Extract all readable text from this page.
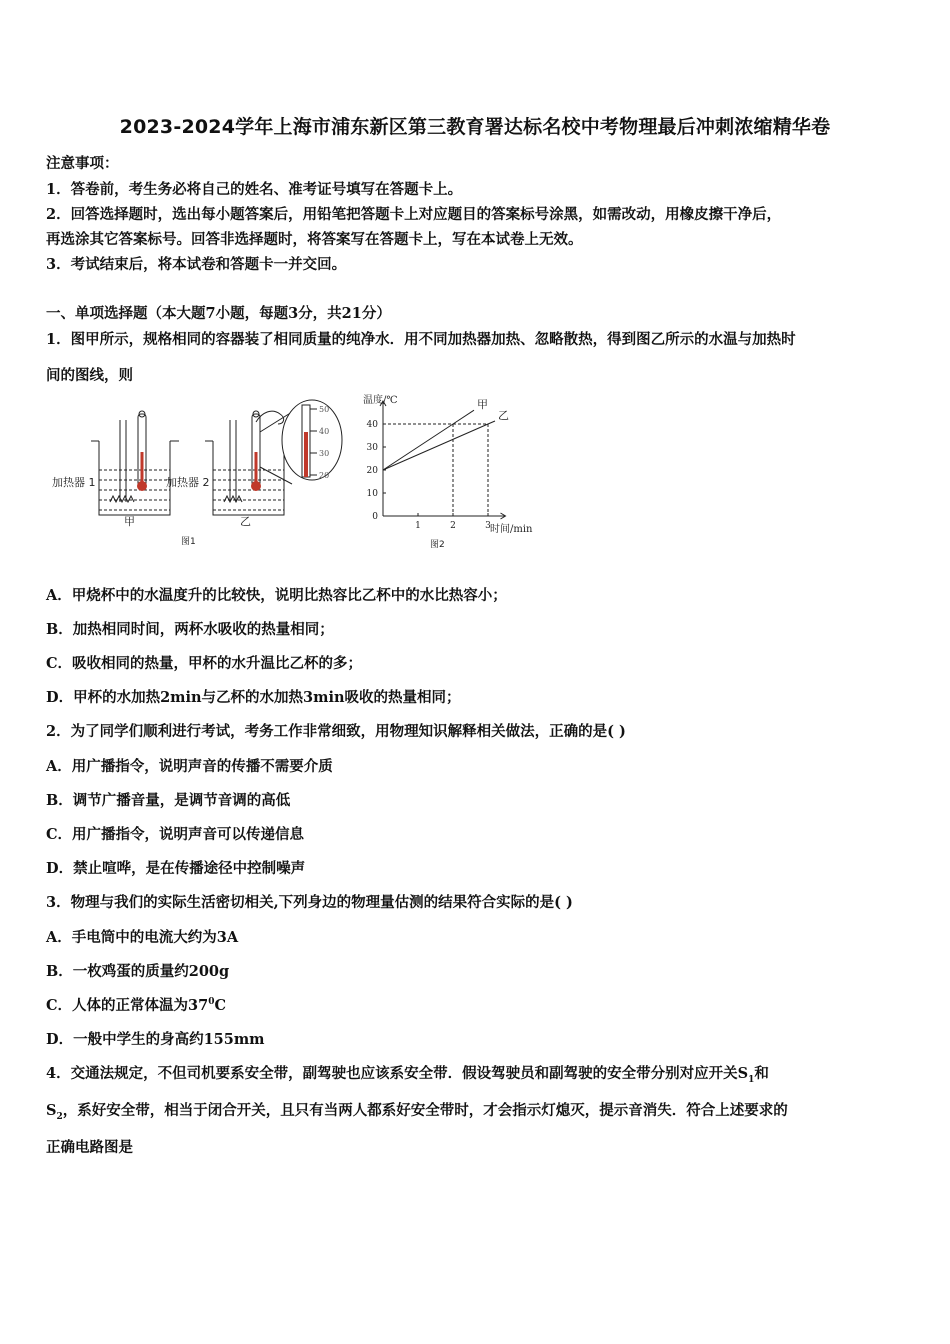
2023-2024学年上海市浦东新区第三教育署达标名校中考物理最后冲刺浓缩精华卷
注意事项：
1．答卷前，考生务必将自己的姓名、准考证号填写在答题卡上。
2．回答选择题时，选出每小题答案后，用铅笔把答题卡上对应题目的答案标号涂黑，如需改动，用橡皮擦干净后，
再选涂其它答案标号。回答非选择题时，将答案写在答题卡上，写在本试卷上无效。
3．考试结束后，将本试卷和答题卡一并交回。
一、单项选择题（本大题7小题，每题3分，共21分）
1．图甲所示，规格相同的容器装了相同质量的纯净水．用不同加热器加热、忽略散热，得到图乙所示的水温与加热时
间的图线，则
加热器 1
甲
加热器 2
乙
50
40
30
20
图1
0
10
20
30
40
1	2	3
温度/℃
时间/min
甲
乙
图2
A．甲烧杯中的水温度升的比较快，说明比热容比乙杯中的水比热容小；
B．加热相同时间，两杯水吸收的热量相同；
C．吸收相同的热量，甲杯的水升温比乙杯的多；
D．甲杯的水加热2min与乙杯的水加热3min吸收的热量相同；
2．为了同学们顺利进行考试，考务工作非常细致，用物理知识解释相关做法，正确的是( )
A．用广播指令，说明声音的传播不需要介质
B．调节广播音量，是调节音调的高低
C．用广播指令，说明声音可以传递信息
D．禁止喧哗，是在传播途径中控制噪声
3．物理与我们的实际生活密切相关,下列身边的物理量估测的结果符合实际的是( )
A．手电筒中的电流大约为3A
B．一枚鸡蛋的质量约200g
C．人体的正常体温为$37^0C$
D．一般中学生的身高约155mm
4．交通法规定，不但司机要系安全带，副驾驶也应该系安全带．假设驾驶员和副驾驶的安全带分别对应开关$S_1$和
$S_2$，系好安全带，相当于闭合开关，且只有当两人都系好安全带时，才会指示灯熄灭，提示音消失．符合上述要求的
正确电路图是
